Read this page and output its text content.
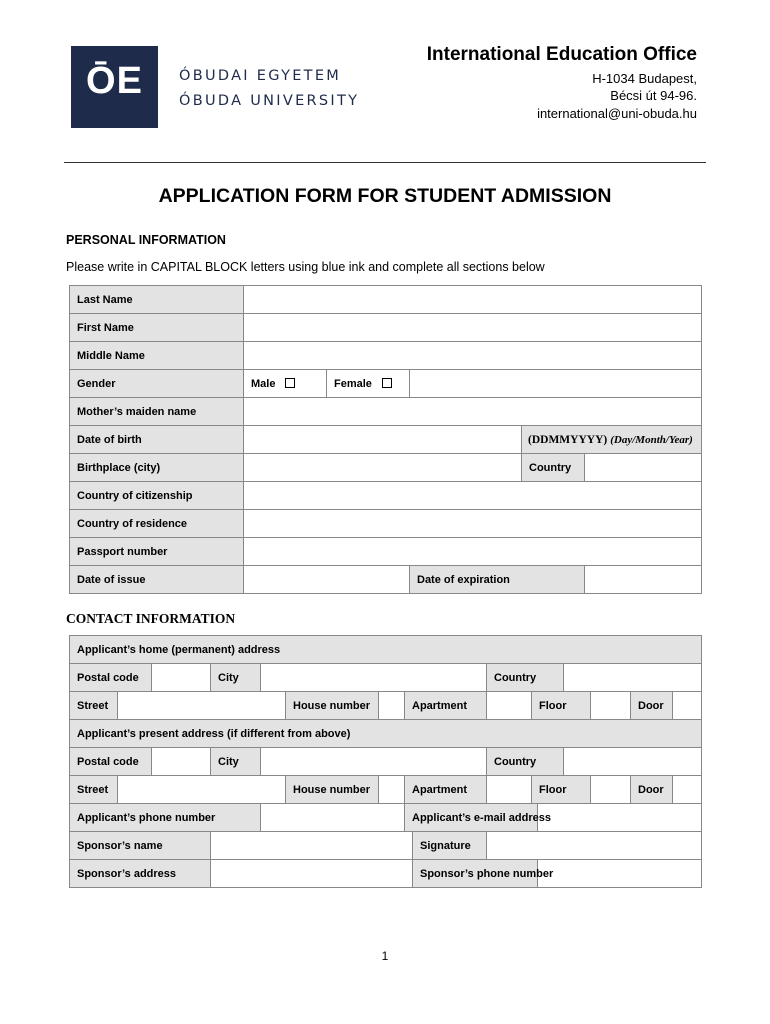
ŌE	ÓBUDAI EGYETEM
ÓBUDA UNIVERSITY
International Education Office
H-1034 Budapest,
Bécsi út 94-96.
international@uni-obuda.hu
APPLICATION FORM FOR STUDENT ADMISSION
PERSONAL INFORMATION
Please write in CAPITAL BLOCK letters using blue ink and complete all sections below
Last Name					
First Name					
Middle Name					
Gender	Male	Female			
Mother’s maiden name					
Date of birth				(DDMMYYYY) (Day/Month/Year)	
Birthplace (city)				Country	
Country of citizenship					
Country of residence					
Passport number					
Date of issue			Date of expiration		
CONTACT INFORMATION
Applicant’s home (permanent) address															
Postal code			City						Country						
Street					House number		Apartment			Floor				Door	
Applicant’s present address (if different from above)															
Postal code			City						Country						
Street					House number		Apartment			Floor				Door	
Applicant’s phone number							Applicant’s e-mail address								
Sponsor’s name								Signature							
Sponsor’s address								Sponsor’s phone number							
1
